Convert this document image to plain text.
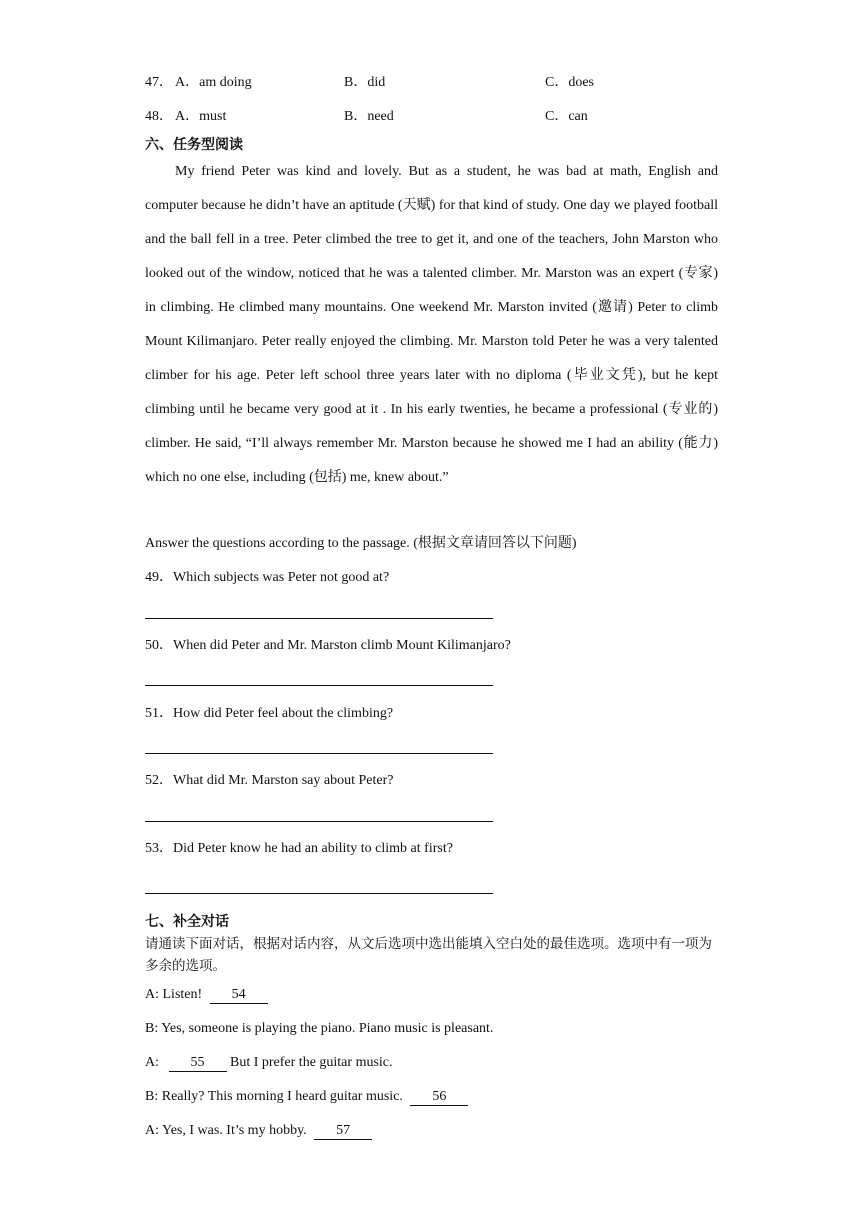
47． A．am doing	B．did	C．does
48． A．must	B．need	C．can
六、任务型阅读

My friend Peter was kind and lovely. But as a student, he was bad at math, English and computer because he didn’t have an aptitude (天赋) for that kind of study. One day we played football and the ball fell in a tree. Peter climbed the tree to get it, and one of the teachers, John Marston who looked out of the window, noticed that he was a talented climber. Mr. Marston was an expert (专家) in climbing. He climbed many mountains. One weekend Mr. Marston invited (邀请) Peter to climb Mount Kilimanjaro. Peter really enjoyed the climbing. Mr. Marston told Peter he was a very talented climber for his age. Peter left school three years later with no diploma (毕业文凭), but he kept climbing until he became very good at it . In his early twenties, he became a professional (专业的) climber. He said, “I’ll always remember Mr. Marston because he showed me I had an ability (能力) which no one else, including (包括) me, knew about.”

Answer the questions according to the passage. (根据文章请回答以下问题)
49．Which subjects was Peter not good at?
50．When did Peter and Mr. Marston climb Mount Kilimanjaro?
51．How did Peter feel about the climbing?
52．What did Mr. Marston say about Peter?
53．Did Peter know he had an ability to climb at first?
七、补全对话
请通读下面对话，根据对话内容，从文后选项中选出能填入空白处的最佳选项。选项中有一项为多余的选项。
A: Listen! 54
B: Yes, someone is playing the piano. Piano music is pleasant.
A: 55 But I prefer the guitar music.
B: Really? This morning I heard guitar music. 56
A: Yes, I was. It’s my hobby. 57
